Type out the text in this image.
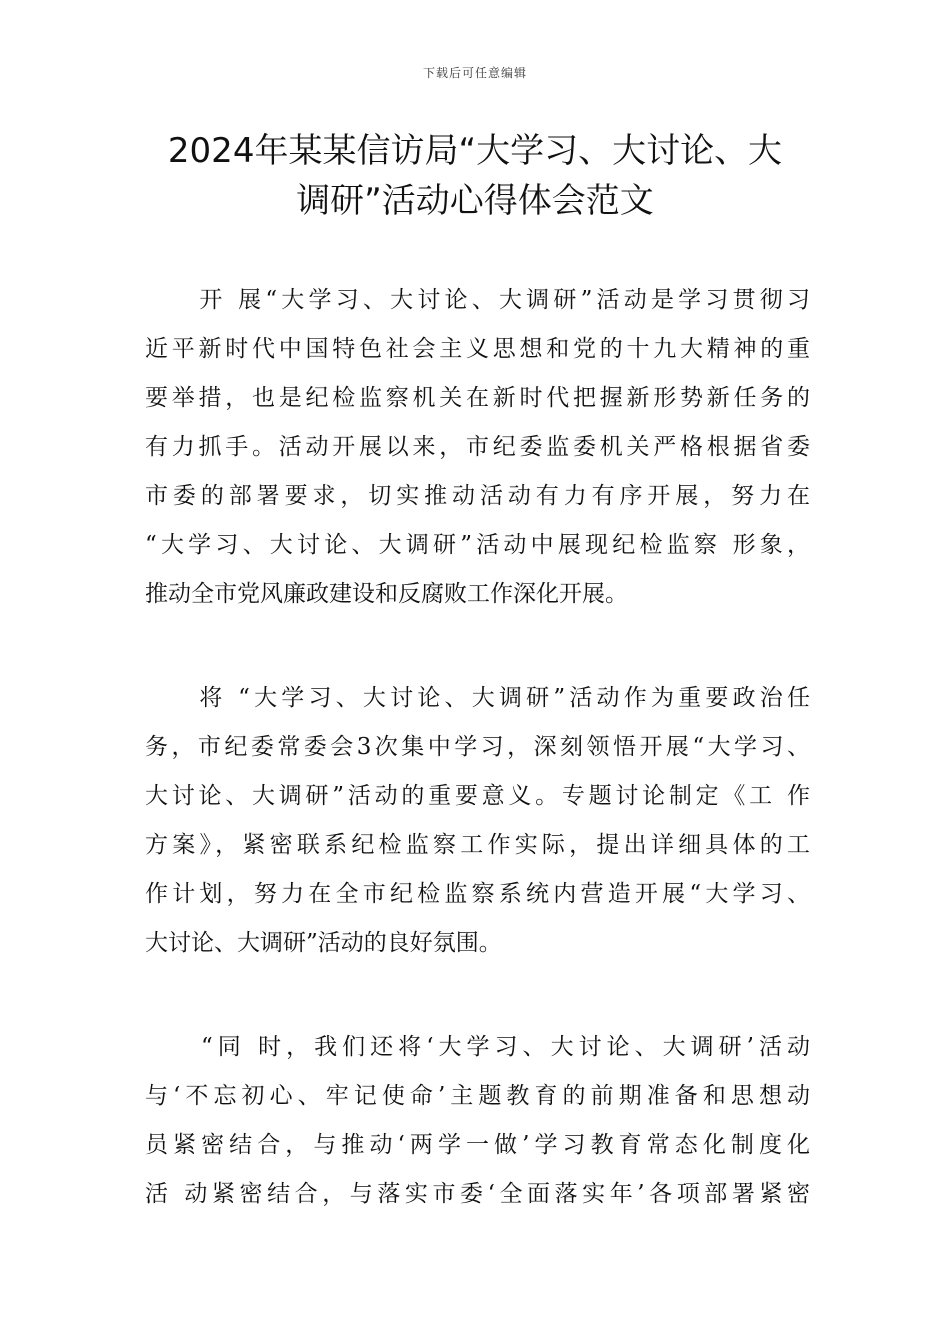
下载后可任意编辑
2024年某某信访局“大学习、大讨论、大
调研”活动心得体会范文

　　开 展“大学习、大讨论、大调研”活动是学习贯彻习
近平新时代中国特色社会主义思想和党的十九大精神的重
要举措，也是纪检监察机关在新时代把握新形势新任务的
有力抓手。活动开展以来，市纪委监委机关严格根据省委
市委的部署要求，切实推动活动有力有序开展，努力在
“大学习、大讨论、大调研”活动中展现纪检监察 形象，
推动全市党风廉政建设和反腐败工作深化开展。

　　将 “大学习、大讨论、大调研”活动作为重要政治任
务，市纪委常委会3次集中学习，深刻领悟开展“大学习、
大讨论、大调研”活动的重要意义。专题讨论制定《工 作
方案》，紧密联系纪检监察工作实际，提出详细具体的工
作计划，努力在全市纪检监察系统内营造开展“大学习、
大讨论、大调研”活动的良好氛围。

　　“同 时，我们还将‘大学习、大讨论、大调研’活动
与‘不忘初心、牢记使命’主题教育的前期准备和思想动
员紧密结合，与推动‘两学一做’学习教育常态化制度化
活 动紧密结合，与落实市委‘全面落实年’各项部署紧密
